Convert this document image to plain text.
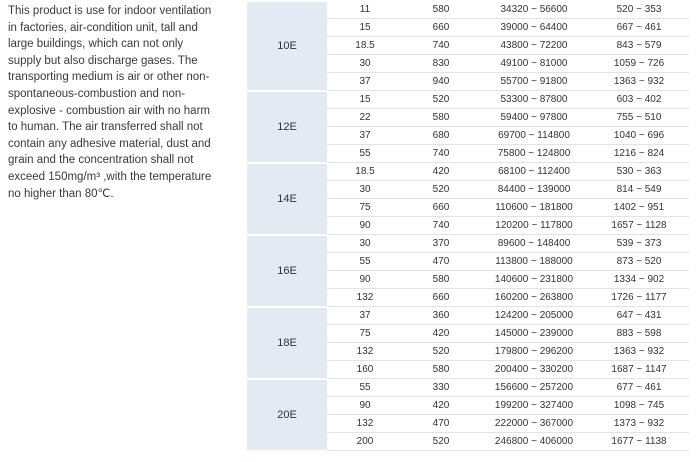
This product is use for indoor ventilation
in factories, air-condition unit, tall and
large buildings, which can not only
supply but also discharge gases. The
transporting medium is air or other non-
spontaneous-combustion and non-
explosive - combustion air with no harm
to human. The air transferred shall not
contain any adhesive material, dust and
grain and the concentration shall not
exceed 150mg/m³ ,with the temperature
no higher than 80℃.
10E	11	580	34320 ~ 56600	520 ~ 353
	15	660	39000 ~ 64400	667 ~ 461
	18.5	740	43800 ~ 72200	843 ~ 579
	30	830	49100 ~ 81000	1059 ~ 726
	37	940	55700 ~ 91800	1363 ~ 932
12E	15	520	53300 ~ 87800	603 ~ 402
	22	580	59400 ~ 97800	755 ~ 510
	37	680	69700 ~ 114800	1040 ~ 696
	55	740	75800 ~ 124800	1216 ~ 824
14E	18.5	420	68100 ~ 112400	530 ~ 363
	30	520	84400 ~ 139000	814 ~ 549
	75	660	110600 ~ 181800	1402 ~ 951
	90	740	120200 ~ 117800	1657 ~ 1128
16E	30	370	89600 ~ 148400	539 ~ 373
	55	470	113800 ~ 188000	873 ~ 520
	90	580	140600 ~ 231800	1334 ~ 902
	132	660	160200 ~ 263800	1726 ~ 1177
18E	37	360	124200 ~ 205000	647 ~ 431
	75	420	145000 ~ 239000	883 ~ 598
	132	520	179800 ~ 296200	1363 ~ 932
	160	580	200400 ~ 330200	1687 ~ 1147
20E	55	330	156600 ~ 257200	677 ~ 461
	90	420	199200 ~ 327400	1098 ~ 745
	132	470	222000 ~ 367000	1373 ~ 932
	200	520	246800 ~ 406000	1677 ~ 1138
